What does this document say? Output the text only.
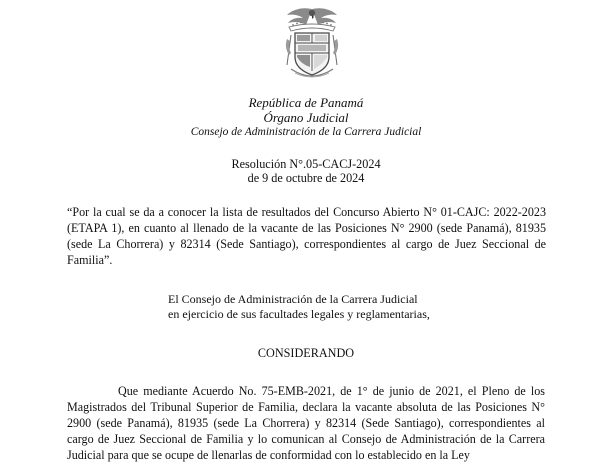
República de Panamá
Órgano Judicial
Consejo de Administración de la Carrera Judicial
Resolución N°.05-CACJ-2024
de 9 de octubre de 2024
“Por la cual se da a conocer la lista de resultados del Concurso Abierto N° 01-CAJC: 2022-2023 (ETAPA 1), en cuanto al llenado de la vacante de las Posiciones N° 2900 (sede Panamá), 81935 (sede La Chorrera) y 82314 (Sede Santiago), correspondientes al cargo de Juez Seccional de Familia”.
El Consejo de Administración de la Carrera Judicial
en ejercicio de sus facultades legales y reglamentarias,
CONSIDERANDO
Que mediante Acuerdo No. 75-EMB-2021, de 1° de junio de 2021, el Pleno de los Magistrados del Tribunal Superior de Familia, declara la vacante absoluta de las Posiciones N° 2900 (sede Panamá), 81935 (sede La Chorrera) y 82314 (Sede Santiago), correspondientes al cargo de Juez Seccional de Familia y lo comunican al Consejo de Administración de la Carrera Judicial para que se ocupe de llenarlas de conformidad con lo establecido en la Ley
